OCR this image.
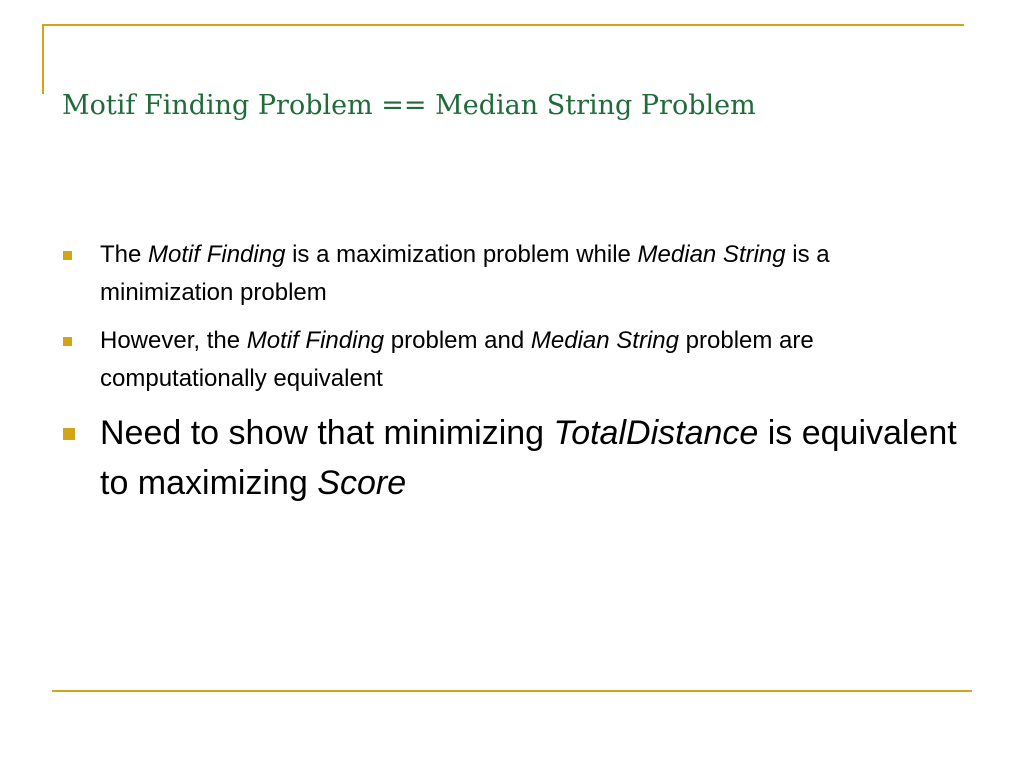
Motif Finding Problem == Median String Problem
The Motif Finding is a maximization problem while Median String is a minimization problem
However, the Motif Finding problem and Median String problem are computationally equivalent
Need to show that minimizing TotalDistance is equivalent to maximizing Score
